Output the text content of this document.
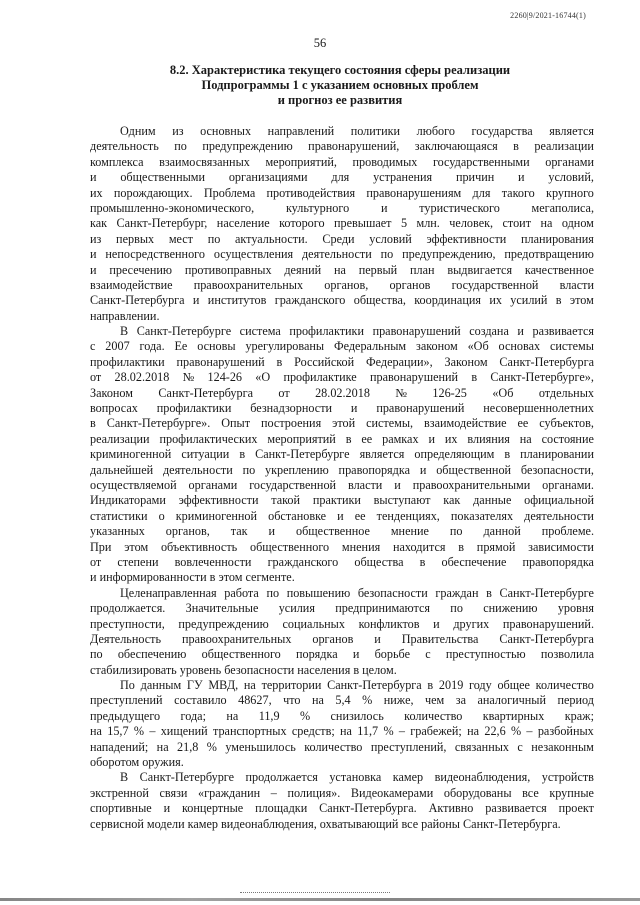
2260|9/2021-16744(1)
56
8.2. Характеристика текущего состояния сферы реализации
Подпрограммы 1 с указанием основных проблем
и прогноз ее развития
Одним из основных направлений политики любого государства является
деятельность по предупреждению правонарушений, заключающаяся в реализации
комплекса взаимосвязанных мероприятий, проводимых государственными органами
и общественными организациями для устранения причин и условий,
их порождающих. Проблема противодействия правонарушениям для такого крупного
промышленно-экономического,	культурного	и	туристического	мегаполиса,
как Санкт-Петербург, население которого превышает 5 млн. человек, стоит на одном
из первых мест по актуальности. Среди условий эффективности планирования
и непосредственного осуществления деятельности по предупреждению, предотвращению
и пресечению противоправных деяний на первый план выдвигается качественное
взаимодействие правоохранительных органов, органов государственной власти
Санкт-Петербурга и институтов гражданского общества, координация их усилий в этом
направлении.
В Санкт-Петербурге система профилактики правонарушений создана и развивается
с 2007 года. Ее основы урегулированы Федеральным законом «Об основах системы
профилактики правонарушений в Российской Федерации», Законом Санкт-Петербурга
от 28.02.2018 № 124-26 «О профилактике правонарушений в Санкт-Петербурге»,
Законом Санкт-Петербурга от 28.02.2018 № 126-25 «Об отдельных
вопросах профилактики безнадзорности и правонарушений несовершеннолетних
в Санкт-Петербурге». Опыт построения этой системы, взаимодействие ее субъектов,
реализации профилактических мероприятий в ее рамках и их влияния на состояние
криминогенной ситуации в Санкт-Петербурге является определяющим в планировании
дальнейшей деятельности по укреплению правопорядка и общественной безопасности,
осуществляемой органами государственной власти и правоохранительными органами.
Индикаторами эффективности такой практики выступают как данные официальной
статистики о криминогенной обстановке и ее тенденциях, показателях деятельности
указанных органов, так и общественное мнение по данной проблеме.
При этом объективность общественного мнения находится в прямой зависимости
от степени вовлеченности гражданского общества в обеспечение правопорядка
и информированности в этом сегменте.
Целенаправленная работа по повышению безопасности граждан в Санкт-Петербурге
продолжается. Значительные усилия предпринимаются по снижению уровня
преступности, предупреждению социальных конфликтов и других правонарушений.
Деятельность правоохранительных органов и Правительства Санкт-Петербурга
по обеспечению общественного порядка и борьбе с преступностью позволила
стабилизировать уровень безопасности населения в целом.
По данным ГУ МВД, на территории Санкт-Петербурга в 2019 году общее количество
преступлений составило 48627, что на 5,4 % ниже, чем за аналогичный период
предыдущего года; на 11,9 % снизилось количество квартирных краж;
на 15,7 % – хищений транспортных средств; на 11,7 % – грабежей; на 22,6 % – разбойных
нападений; на 21,8 % уменьшилось количество преступлений, связанных с незаконным
оборотом оружия.
В Санкт-Петербурге продолжается установка камер видеонаблюдения, устройств
экстренной связи «гражданин – полиция». Видеокамерами оборудованы все крупные
спортивные и концертные площадки Санкт-Петербурга. Активно развивается проект
сервисной модели камер видеонаблюдения, охватывающий все районы Санкт-Петербурга.
